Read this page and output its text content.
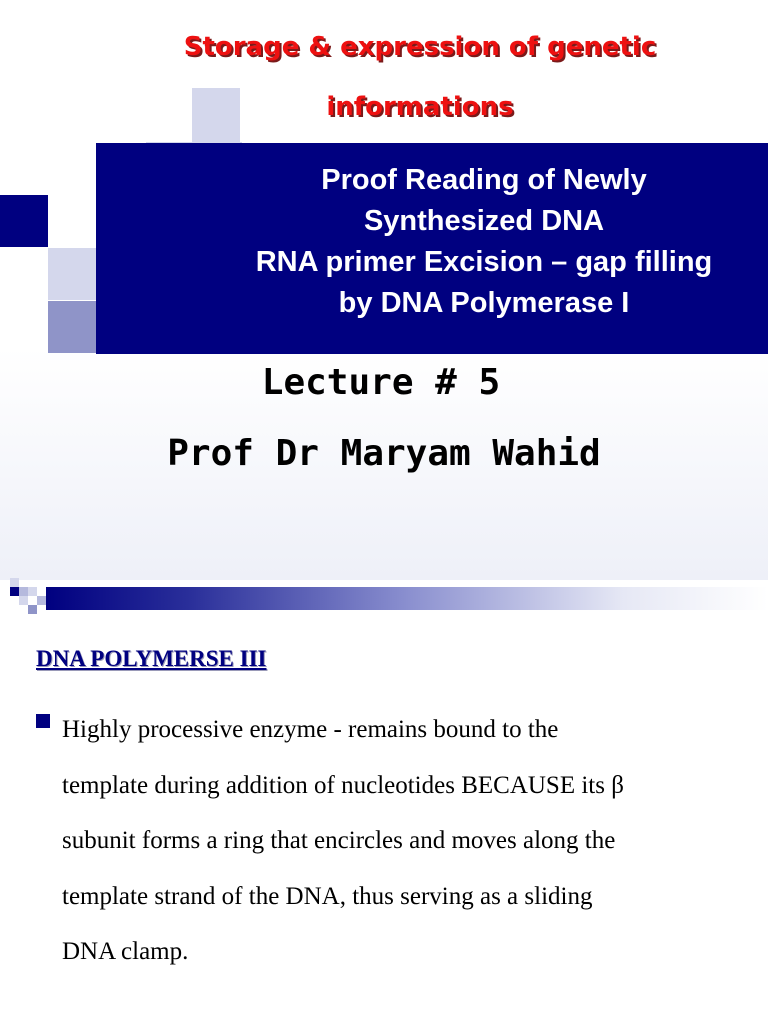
Proof Reading of Newly
Synthesized DNA
RNA primer Excision – gap filling
by DNA Polymerase I
Storage & expression of genetic
informations
Lecture # 5
Prof Dr Maryam Wahid
DNA POLYMERSE III
Highly processive enzyme - remains bound to the
template during addition of nucleotides BECAUSE its β
subunit forms a ring that encircles and moves along the
template strand of the DNA, thus serving as a sliding
DNA clamp.
